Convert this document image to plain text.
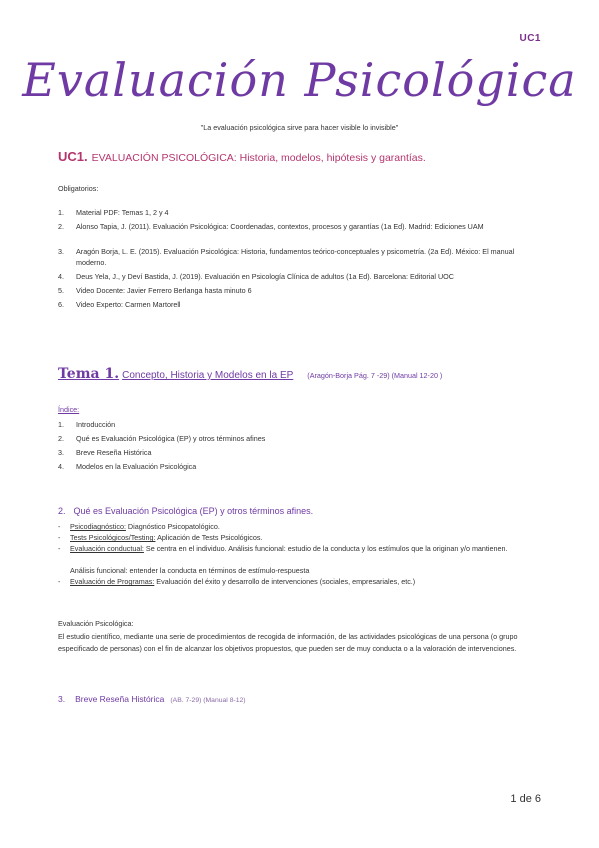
UC1
Evaluación Psicológica
"La evaluación psicológica sirve para hacer visible lo invisible"
UC1. EVALUACIÓN PSICOLÓGICA: Historia, modelos, hipótesis y garantías.
Obligatorios:
1.	Material PDF: Temas 1, 2 y 4
2.	Alonso Tapia, J. (2011). Evaluación Psicológica: Coordenadas, contextos, procesos y garantías (1a Ed). Madrid: Ediciones UAM
3.	Aragón Borja, L. E. (2015). Evaluación Psicológica: Historia, fundamentos teórico-conceptuales y psicometría. (2a Ed). México: El manual moderno.
4.	Deus Yela, J., y Deví Bastida, J. (2019). Evaluación en Psicología Clínica de adultos (1a Ed). Barcelona: Editorial UOC
5.	Video Docente: Javier Ferrero Berlanga hasta minuto 6
6.	Video Experto: Carmen Martorell
Tema 1. Concepto, Historia y Modelos en la EP (Aragón-Borja Pág. 7 -29) (Manual 12-20 )
Índice:
1.	Introducción
2.	Qué es Evaluación Psicológica (EP) y otros términos afines
3.	Breve Reseña Histórica
4.	Modelos en la Evaluación Psicológica
2. Qué es Evaluación Psicológica (EP) y otros términos afines.
- Psicodiagnóstico: Diagnóstico Psicopatológico.
- Tests Psicológicos/Testing: Aplicación de Tests Psicológicos.
- Evaluación conductual: Se centra en el individuo. Análisis funcional: estudio de la conducta y los estímulos que la originan y/o mantienen.
Análisis funcional: entender la conducta en términos de estímulo-respuesta
- Evaluación de Programas: Evaluación del éxito y desarrollo de intervenciones (sociales, empresariales, etc.)
Evaluación Psicológica:
El estudio científico, mediante una serie de procedimientos de recogida de información, de las actividades psicológicas de una persona (o grupo especificado de personas) con el fin de alcanzar los objetivos propuestos, que pueden ser de muy conducta o a la valoración de intervenciones.
3. Breve Reseña Histórica (AB. 7-29) (Manual 8-12)
1 de 6
